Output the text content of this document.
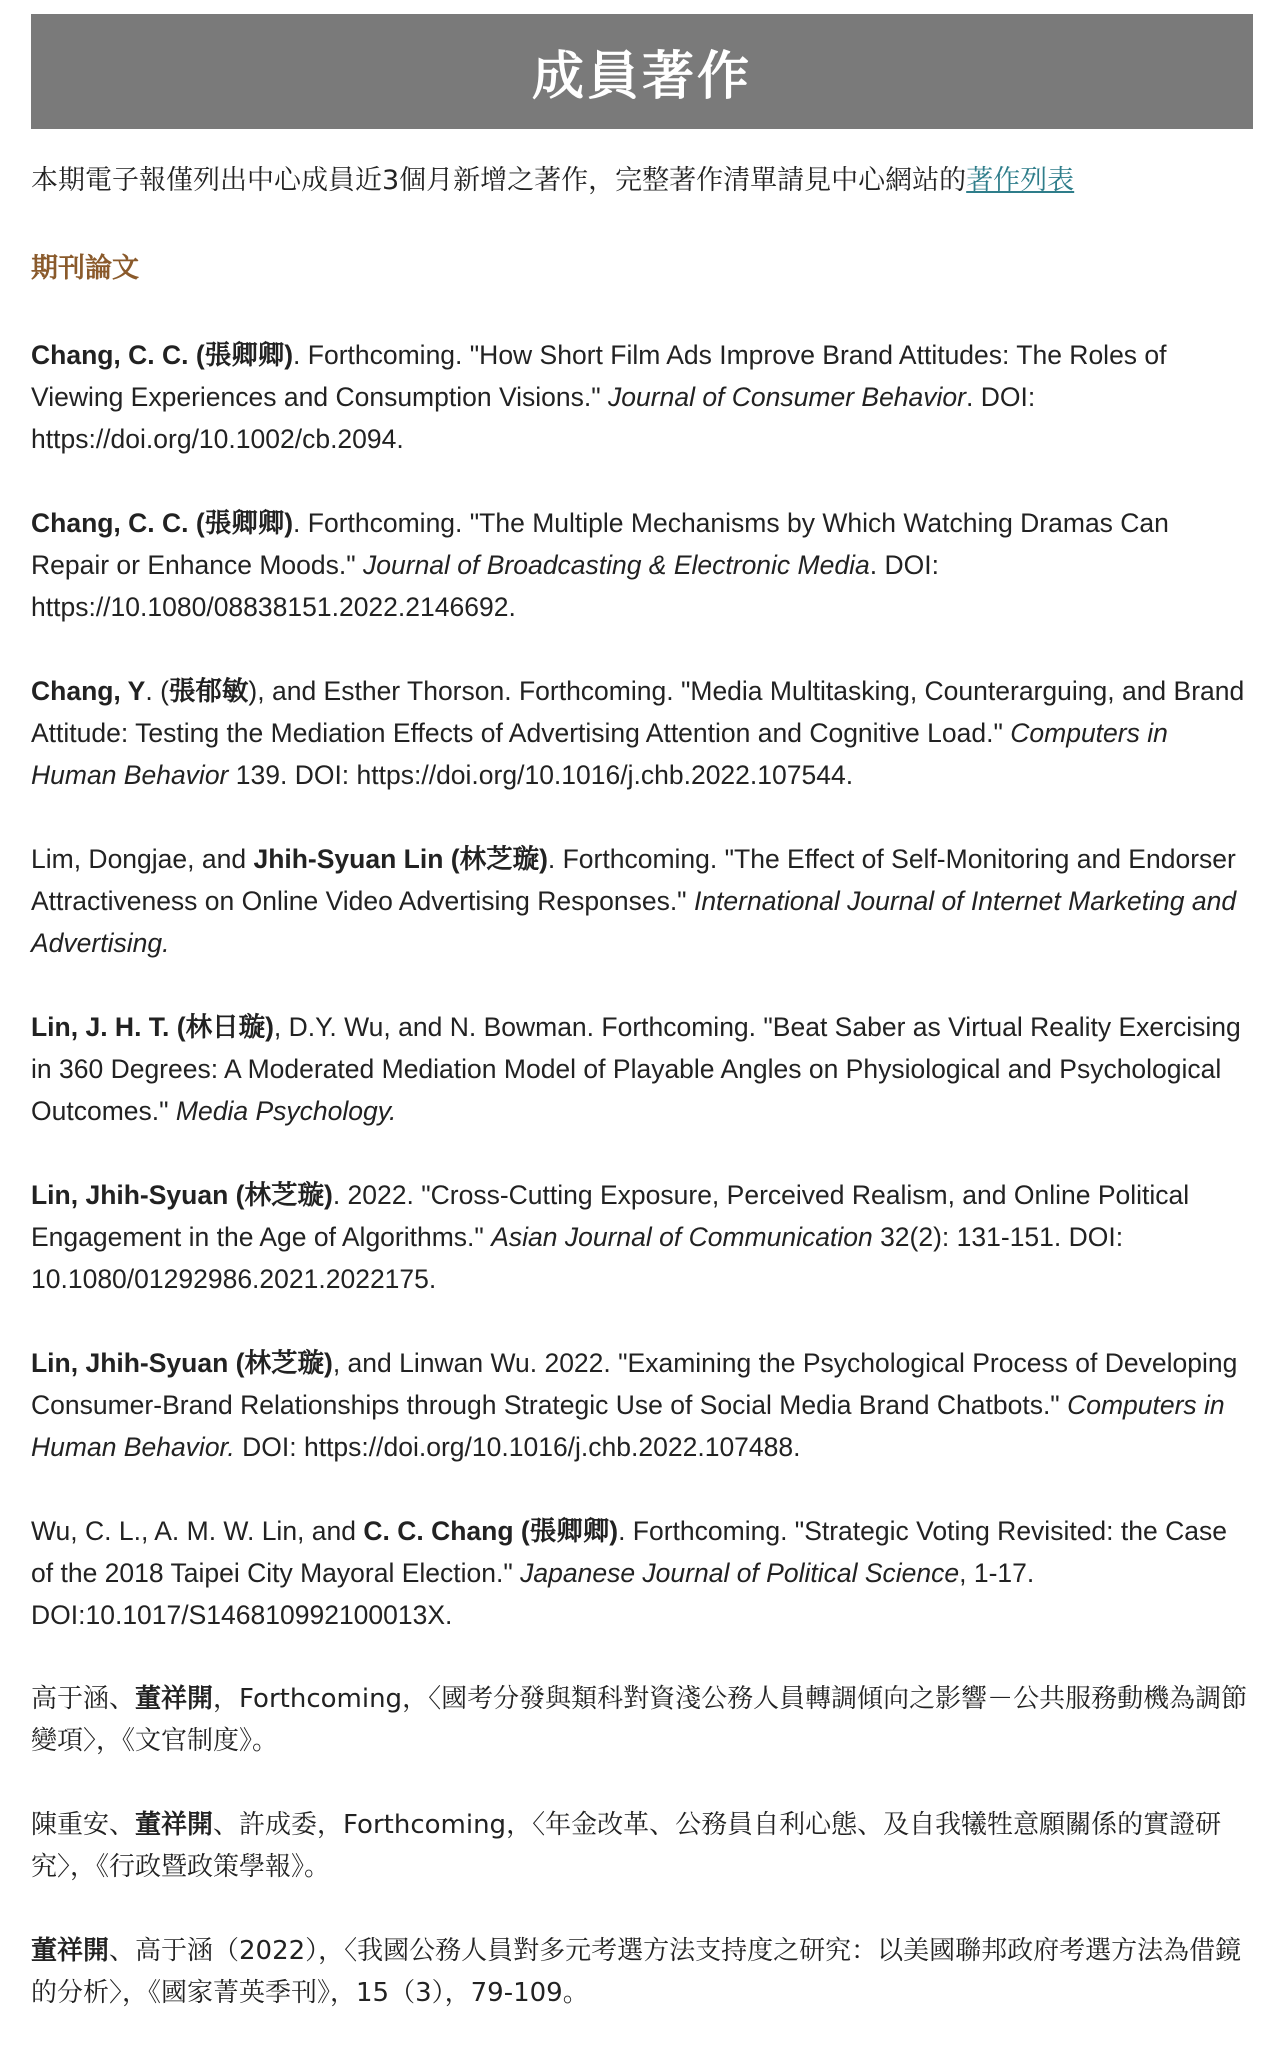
成員著作

本期電子報僅列出中心成員近3個月新增之著作，完整著作清單請見中心網站的著作列表

期刊論文

Chang, C. C. (張卿卿). Forthcoming. "How Short Film Ads Improve Brand Attitudes: The Roles of Viewing Experiences and Consumption Visions." Journal of Consumer Behavior. DOI: https://doi.org/10.1002/cb.2094.

Chang, C. C. (張卿卿). Forthcoming. "The Multiple Mechanisms by Which Watching Dramas Can Repair or Enhance Moods." Journal of Broadcasting & Electronic Media. DOI: https://10.1080/08838151.2022.2146692.

Chang, Y. (張郁敏), and Esther Thorson. Forthcoming. "Media Multitasking, Counterarguing, and Brand Attitude: Testing the Mediation Effects of Advertising Attention and Cognitive Load." Computers in Human Behavior 139. DOI: https://doi.org/10.1016/j.chb.2022.107544.

Lim, Dongjae, and Jhih-Syuan Lin (林芝璇). Forthcoming. "The Effect of Self-Monitoring and Endorser Attractiveness on Online Video Advertising Responses." International Journal of Internet Marketing and Advertising.

Lin, J. H. T. (林日璇), D.Y. Wu, and N. Bowman. Forthcoming. "Beat Saber as Virtual Reality Exercising in 360 Degrees: A Moderated Mediation Model of Playable Angles on Physiological and Psychological Outcomes." Media Psychology.

Lin, Jhih-Syuan (林芝璇). 2022. "Cross-Cutting Exposure, Perceived Realism, and Online Political Engagement in the Age of Algorithms." Asian Journal of Communication 32(2): 131-151. DOI: 10.1080/01292986.2021.2022175.

Lin, Jhih-Syuan (林芝璇), and Linwan Wu. 2022. "Examining the Psychological Process of Developing Consumer-Brand Relationships through Strategic Use of Social Media Brand Chatbots." Computers in Human Behavior. DOI: https://doi.org/10.1016/j.chb.2022.107488.

Wu, C. L., A. M. W. Lin, and C. C. Chang (張卿卿). Forthcoming. "Strategic Voting Revisited: the Case of the 2018 Taipei City Mayoral Election." Japanese Journal of Political Science, 1-17. DOI:10.1017/S146810992100013X.

高于涵、董祥開，Forthcoming，〈國考分發與類科對資淺公務人員轉調傾向之影響－公共服務動機為調節變項〉，《文官制度》。

陳重安、董祥開、許成委，Forthcoming，〈年金改革、公務員自利心態、及自我犧牲意願關係的實證研究〉，《行政暨政策學報》。

董祥開、高于涵（2022），〈我國公務人員對多元考選方法支持度之研究：以美國聯邦政府考選方法為借鏡的分析〉，《國家菁英季刊》，15（3），79-109。
